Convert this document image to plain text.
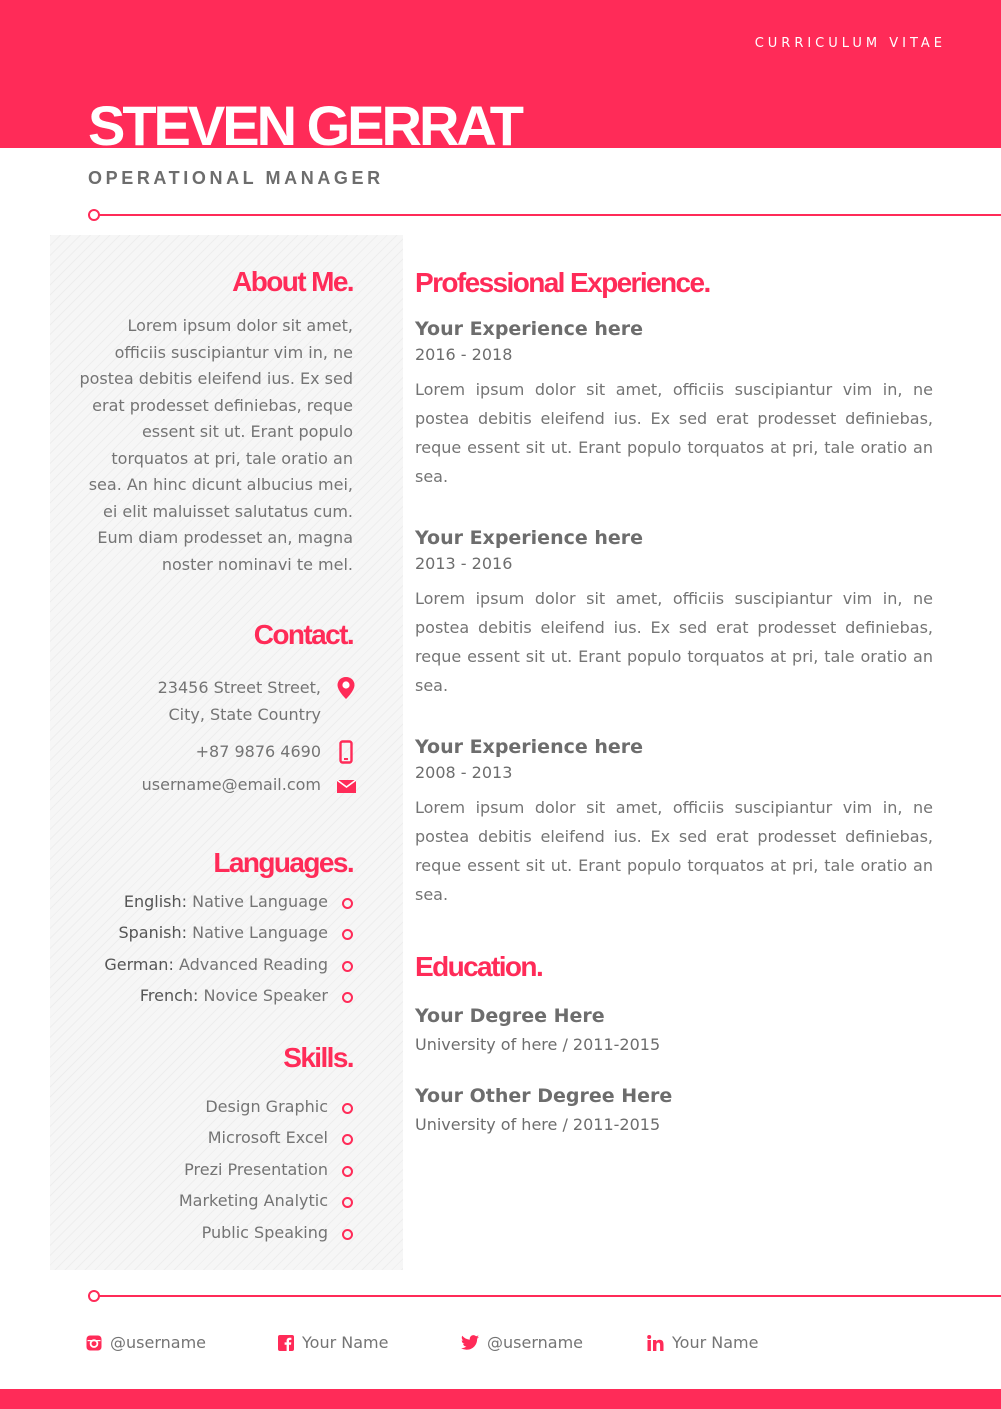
CURRICULUM VITAE
STEVEN GERRAT
OPERATIONAL MANAGER
About Me.
Lorem ipsum dolor sit amet, officiis suscipiantur vim in, ne postea debitis eleifend ius. Ex sed erat prodesset definiebas, reque essent sit ut. Erant populo torquatos at pri, tale oratio an sea. An hinc dicunt albucius mei, ei elit maluisset salutatus cum. Eum diam prodesset an, magna noster nominavi te mel.
Contact.
23456 Street Street,
City, State Country
+87 9876 4690
username@email.com
Languages.
English: Native Language
Spanish: Native Language
German: Advanced Reading
French: Novice Speaker
Skills.
Design Graphic
Microsoft Excel
Prezi Presentation
Marketing Analytic
Public Speaking
Professional Experience.
Your Experience here
2016 - 2018
Lorem ipsum dolor sit amet, officiis suscipiantur vim in, ne postea debitis eleifend ius. Ex sed erat prodesset definiebas, reque essent sit ut. Erant populo torquatos at pri, tale oratio an sea.
Your Experience here
2013 - 2016
Lorem ipsum dolor sit amet, officiis suscipiantur vim in, ne postea debitis eleifend ius. Ex sed erat prodesset definiebas, reque essent sit ut. Erant populo torquatos at pri, tale oratio an sea.
Your Experience here
2008 - 2013
Lorem ipsum dolor sit amet, officiis suscipiantur vim in, ne postea debitis eleifend ius. Ex sed erat prodesset definiebas, reque essent sit ut. Erant populo torquatos at pri, tale oratio an sea.
Education.
Your Degree Here
University of here / 2011-2015
Your Other Degree Here
University of here / 2011-2015
@username	Your Name	@username	Your Name
